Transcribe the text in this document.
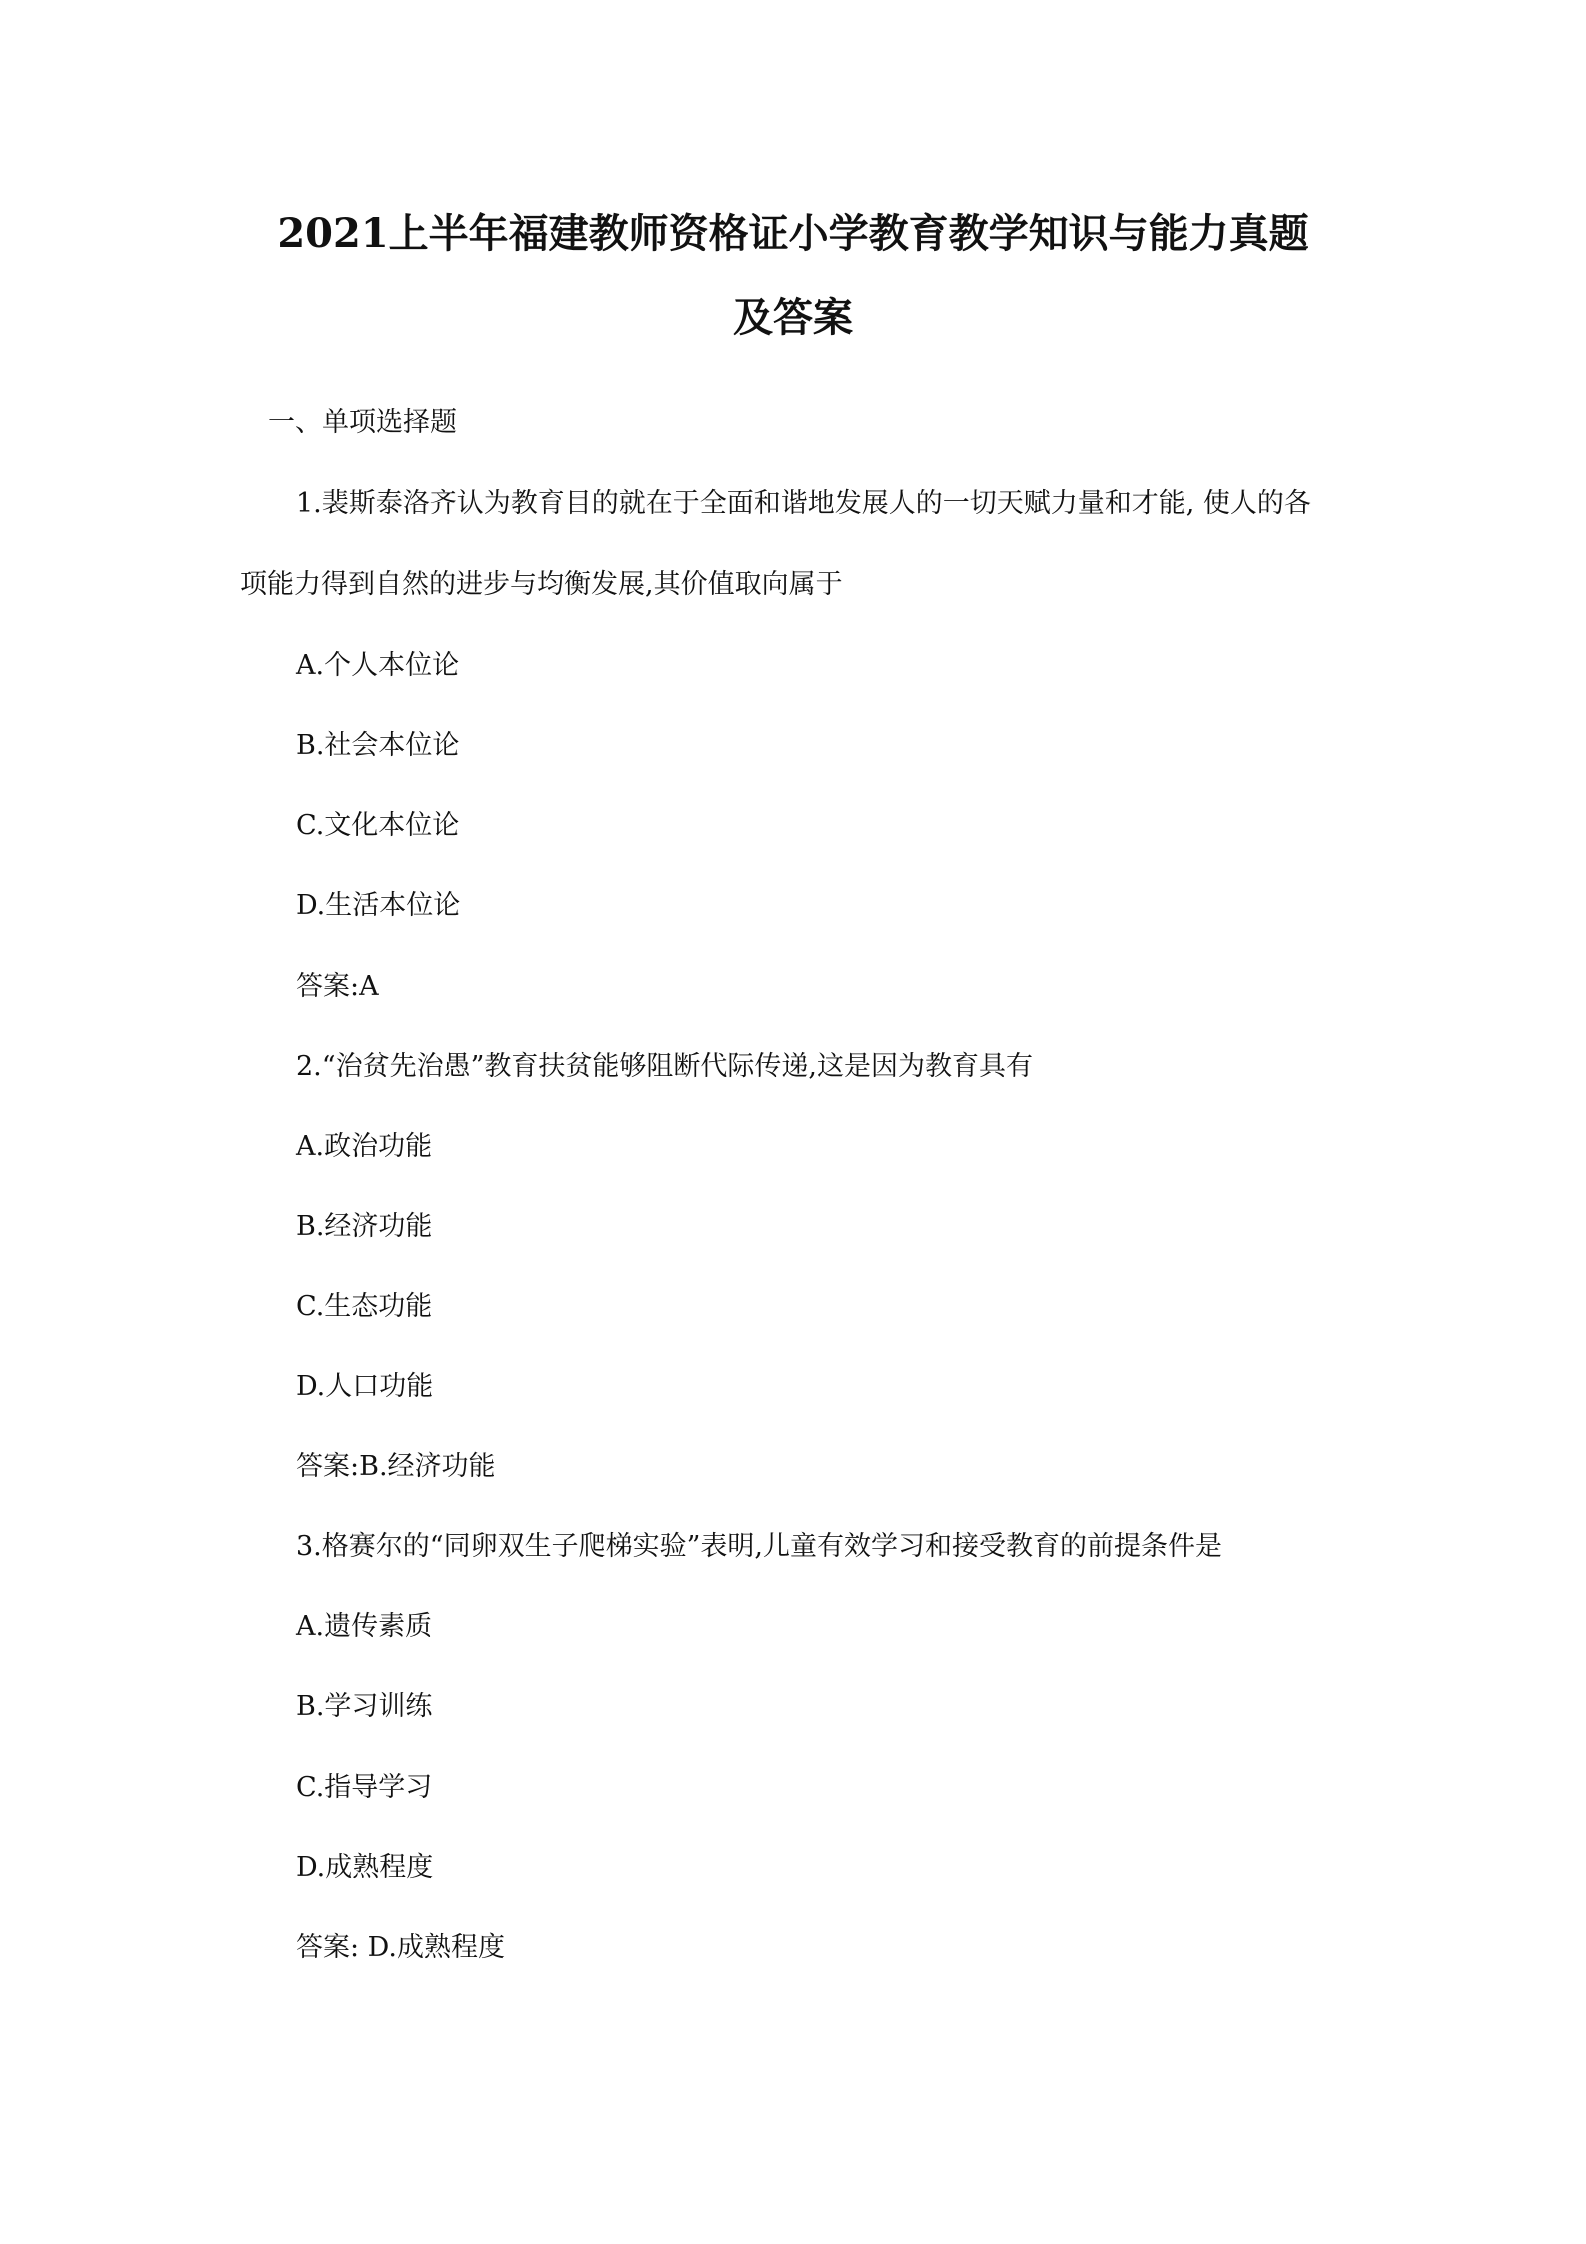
2021上半年福建教师资格证小学教育教学知识与能力真题
及答案

一、单项选择题

1.裴斯泰洛齐认为教育目的就在于全面和谐地发展人的一切天赋力量和才能, 使人的各

项能力得到自然的进步与均衡发展,其价值取向属于

A.个人本位论

B.社会本位论

C.文化本位论

D.生活本位论

答案:A

2.“治贫先治愚”教育扶贫能够阻断代际传递,这是因为教育具有

A.政治功能

B.经济功能

C.生态功能

D.人口功能

答案:B.经济功能

3.格赛尔的“同卵双生子爬梯实验”表明,儿童有效学习和接受教育的前提条件是

A.遗传素质

B.学习训练

C.指导学习

D.成熟程度

答案: D.成熟程度
